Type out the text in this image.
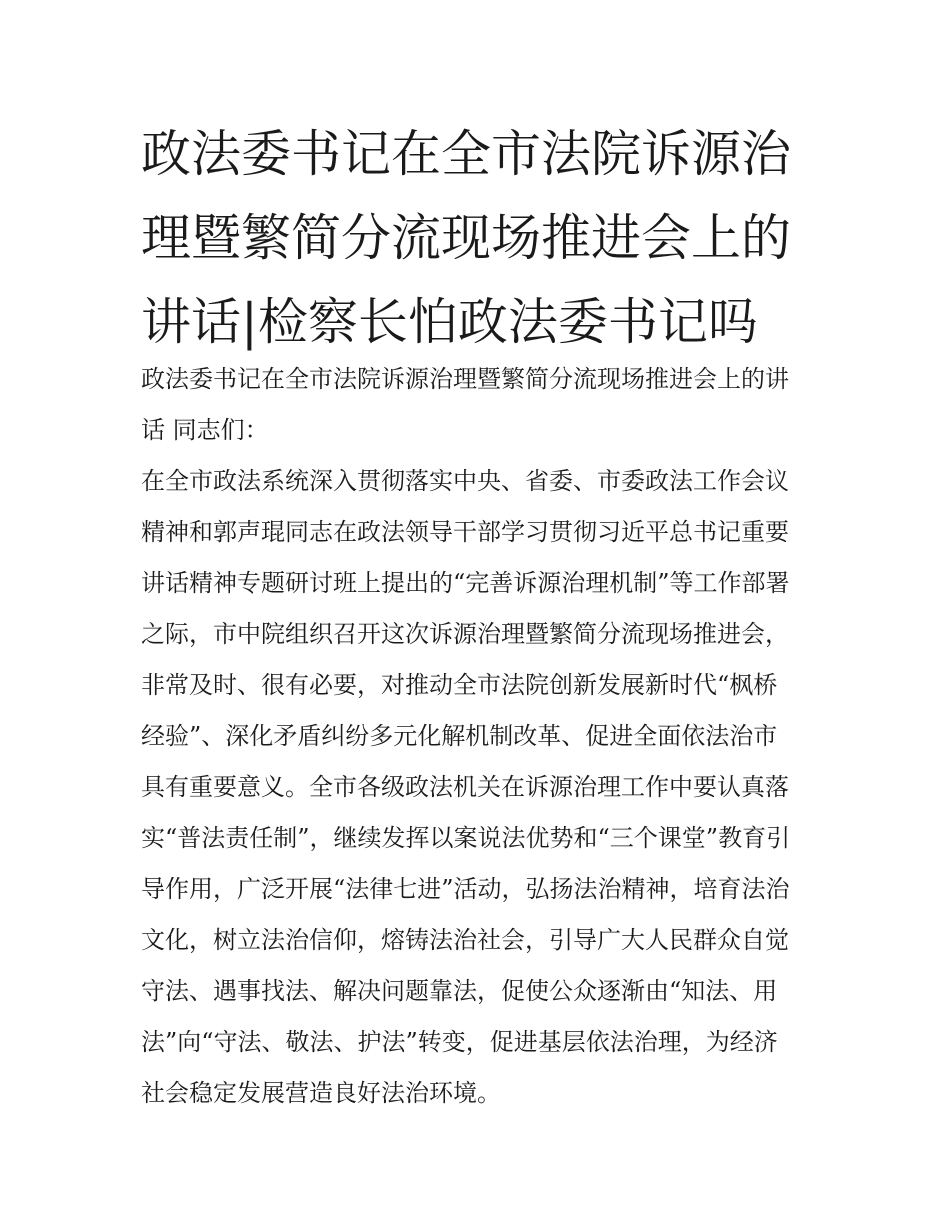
政法委书记在全市法院诉源治
理暨繁简分流现场推进会上的
讲话|检察长怕政法委书记吗
政法委书记在全市法院诉源治理暨繁简分流现场推进会上的讲
话 同志们：
在全市政法系统深入贯彻落实中央、省委、市委政法工作会议
精神和郭声琨同志在政法领导干部学习贯彻习近平总书记重要
讲话精神专题研讨班上提出的“完善诉源治理机制”等工作部署
之际，市中院组织召开这次诉源治理暨繁简分流现场推进会，
非常及时、很有必要，对推动全市法院创新发展新时代“枫桥
经验”、深化矛盾纠纷多元化解机制改革、促进全面依法治市
具有重要意义。全市各级政法机关在诉源治理工作中要认真落
实“普法责任制”，继续发挥以案说法优势和“三个课堂”教育引
导作用，广泛开展“法律七进”活动，弘扬法治精神，培育法治
文化，树立法治信仰，熔铸法治社会，引导广大人民群众自觉
守法、遇事找法、解决问题靠法，促使公众逐渐由“知法、用
法”向“守法、敬法、护法”转变，促进基层依法治理，为经济
社会稳定发展营造良好法治环境。
